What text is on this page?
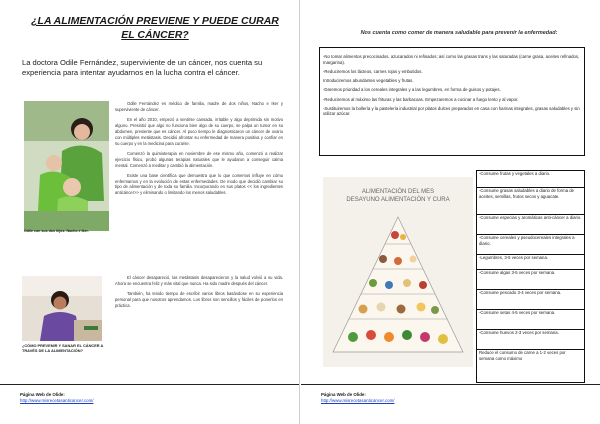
¿LA ALIMENTACIÓN PREVIENE Y PUEDE CURAR EL CÁNCER?
La doctora Odile Fernández, superviviente de un cáncer, nos cuenta su experiencia para intentar ayudarnos en la lucha contra el cáncer.
Odile con sus dos hijos: Nacho e Iker.

Odile Fernández es médico de familia, madre de dos niños, Nacho e Iker y superviviente de cáncer.

En el año 2010, empezó a sentirse cansada, irritable y algo deprimida sin motivo alguno. Presintió que algo no funciona bien algo de su cuerpo, se palpa un tumor en su abdomen, presiente que es cáncer. Al poco tiempo le diagnosticaron un cáncer de ovario con múltiples metástasis. Decidió afrontar su enfermedad de manera positiva y confiar en su cuerpo y en la medicina para curarse.

Comenzó la quimioterapia en noviembre de ese mismo año, comenzó a realizar ejercicio físico, probó algunas terapias naturales que le ayudaron a conseguir calma mental. Comenzó a meditar y cambió la alimentación.

Existe una base científica que demuestra que lo que comemos influye en cómo enfermamos y en la evolución de estas enfermedades. De modo que decidió cambiar su tipo de alimentación y de toda su familia. Incorporando en sus platos << los ingredientes anticáncer>> y eliminando o limitando los menos saludables.

¿CÓMO PREVENIR Y SANAR EL CÁNCER A TRAVÉS DE LA ALIMENTACIÓN?

El cáncer desapareció, las metástasis desaparecieron y la salud volvió a su vida. Ahora se encuentra feliz y más vital que nunca. Ha sido madre después del cáncer.

También, ha tenido tiempo de escribir varios libros basándose en su experiencia personal para que nosotros aprendamos. Los libros son sencillos y fáciles de ponerlos en práctica.

Página Web de Olide:
http://www.misrecetasanticancer.com/
Nos cuenta como comer de manera saludable para prevenir la enfermedad:

-No tomar alimentos precocinados, azucarados ni refinados; así como las grasas trans y las saturadas (carne grasa, aceites refinados, margarina).

-Reduciremos los lácteos, carnes rojas y embutidos.

Introduciremos abundantes vegetables y frutas.

-Daremos prioridad a los cereales integrales y a las legumbres, en forma de guisos y potajes.

-Reduciremos al máximo las frituras y las barbacoas. Empezaremos a cocinar a fuego lento y al vapor.

-Sustituiremos la bollería y la pastelería industrial por platos dulces preparados en casa con harinas integrales, grasas saludables y sin utilizar azúcar.

ALIMENTACIÓN DEL MES
DESAYUNO ALIMENTACIÓN Y CURA
-Consume frutas y vegetales a diario.
-Consume grasas saludables a diario de forma de aceites, semillas, frutos secos y aguacate.
-Consume especias y aromáticas anti-cáncer a diario.
-Consume cereales y pseudocereales integrales a diario.
-Legumbres, 3-5 veces por semana.
-Consume algas 3-5 veces por semana.
-Consume pescado 3-4 veces por semana.
-Consume setas 4-5 veces por semana.
-Consume huevos 2-3 veces por semana.
Reduce el consumo de carne a 1-2 veces por semana como máximo
Página Web de Olide:
http://www.misrecetasanticancer.com/
